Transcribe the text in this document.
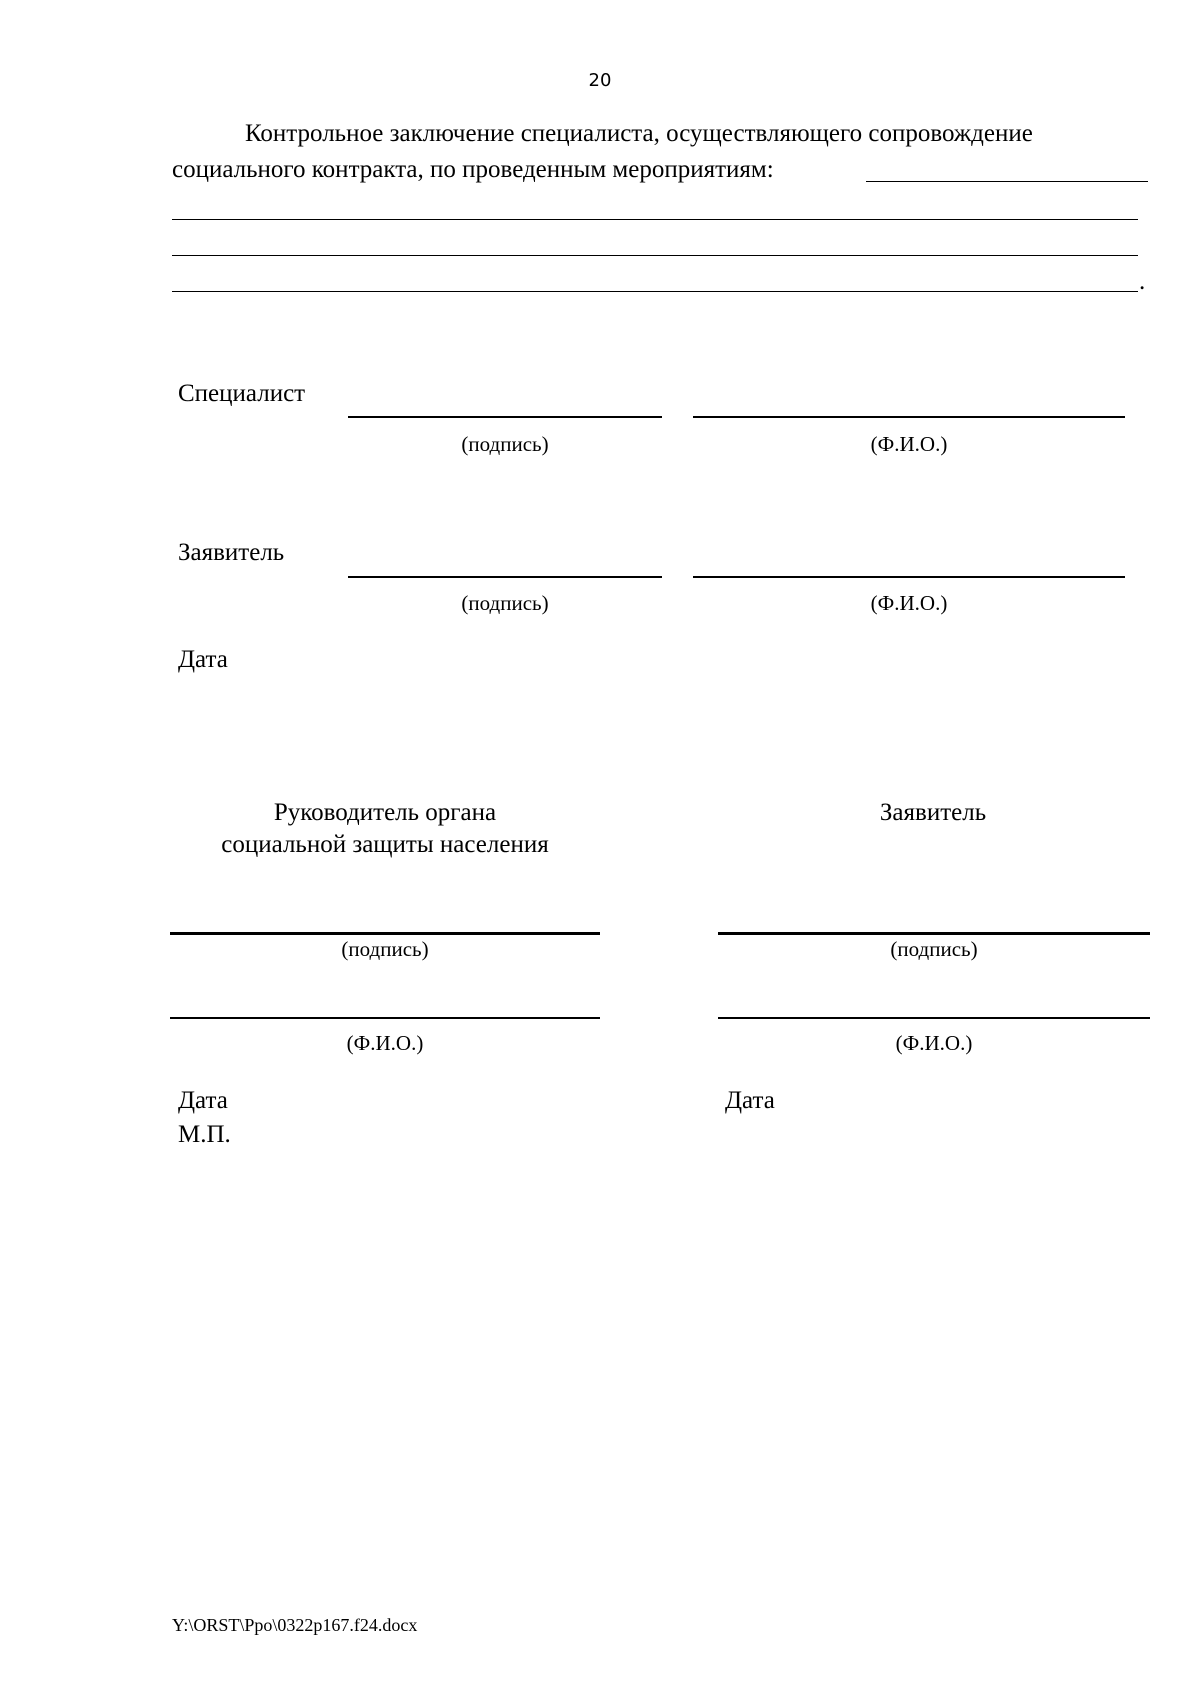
20
Контрольное заключение специалиста, осуществляющего сопровождение
социального контракта, по проведенным мероприятиям:
.
Специалист
(подпись)	(Ф.И.О.)
Заявитель
(подпись)	(Ф.И.О.)
Дата
Руководитель органа
социальной защиты населения
Заявитель
(подпись)	(подпись)
(Ф.И.О.)	(Ф.И.О.)
Дата
М.П.
Дата
Y:\ORST\Ppo\0322p167.f24.docx
